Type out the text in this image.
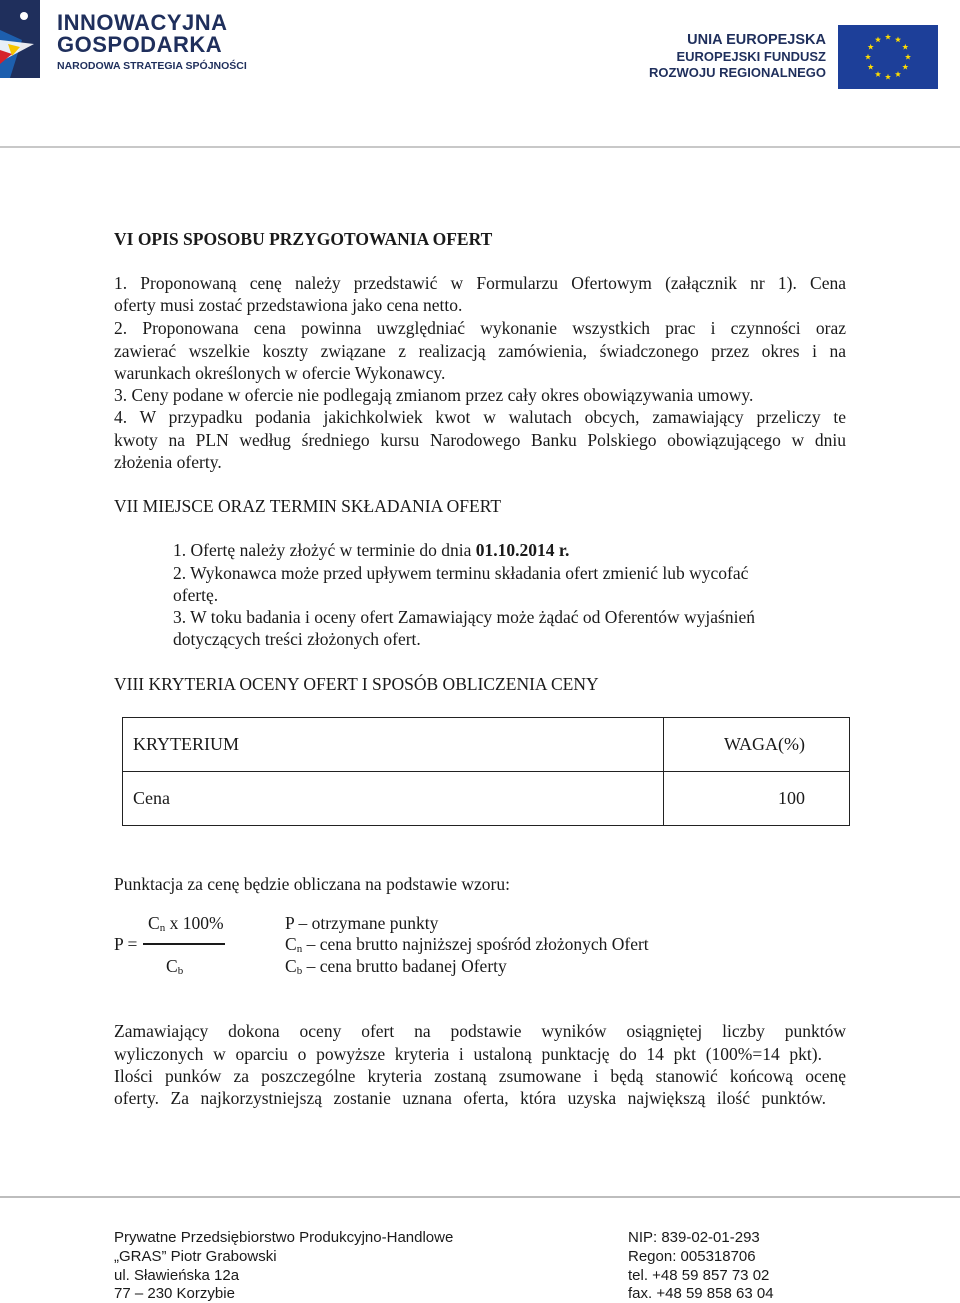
INNOWACYJNA
GOSPODARKA
NARODOWA STRATEGIA SPÓJNOŚCI
UNIA EUROPEJSKA
EUROPEJSKI FUNDUSZ
ROZWOJU REGIONALNEGO

VI OPIS SPOSOBU PRZYGOTOWANIA OFERT

1. Proponowaną cenę należy przedstawić w Formularzu Ofertowym (załącznik nr 1). Cena

oferty musi zostać przedstawiona jako cena netto.

2. Proponowana cena powinna uwzględniać wykonanie wszystkich prac i czynności oraz

zawierać wszelkie koszty związane z realizacją zamówienia, świadczonego przez okres i na

warunkach określonych w ofercie Wykonawcy.

3. Ceny podane w ofercie nie podlegają zmianom przez cały okres obowiązywania umowy.

4. W przypadku podania jakichkolwiek kwot w walutach obcych, zamawiający przeliczy te

kwoty na PLN według średniego kursu Narodowego Banku Polskiego obowiązującego w dniu

złożenia oferty.

VII MIEJSCE ORAZ TERMIN SKŁADANIA OFERT

1. Ofertę należy złożyć w terminie do dnia 01.10.2014 r.

2. Wykonawca może przed upływem terminu składania ofert zmienić lub wycofać

ofertę.

3. W toku badania i oceny ofert Zamawiający może żądać od Oferentów wyjaśnień

dotyczących treści złożonych ofert.

VIII KRYTERIA OCENY OFERT I SPOSÓB OBLICZENIA CENY

KRYTERIUM	WAGA(%)
Cena	100

Punktacja za cenę będzie obliczana na podstawie wzoru:

$C_n$ x 100%

P =

$C_b$

P – otrzymane punkty

$C_n$ – cena brutto najniższej spośród złożonych Ofert

$C_b$ – cena brutto badanej Oferty

Zamawiający dokona oceny ofert na podstawie wyników osiągniętej liczby punktów

wyliczonych w oparciu o powyższe kryteria i ustaloną punktację do 14 pkt (100%=14 pkt).

Ilości punków za poszczególne kryteria zostaną zsumowane i będą stanowić końcową ocenę

oferty. Za najkorzystniejszą zostanie uznana oferta, która uzyska największą ilość punktów.

Prywatne Przedsiębiorstwo Produkcyjno-Handlowe
„GRAS” Piotr Grabowski
ul. Sławieńska 12a
77 – 230 Korzybie
NIP: 839-02-01-293
Regon: 005318706
tel. +48 59 857 73 02
fax. +48 59 858 63 04
